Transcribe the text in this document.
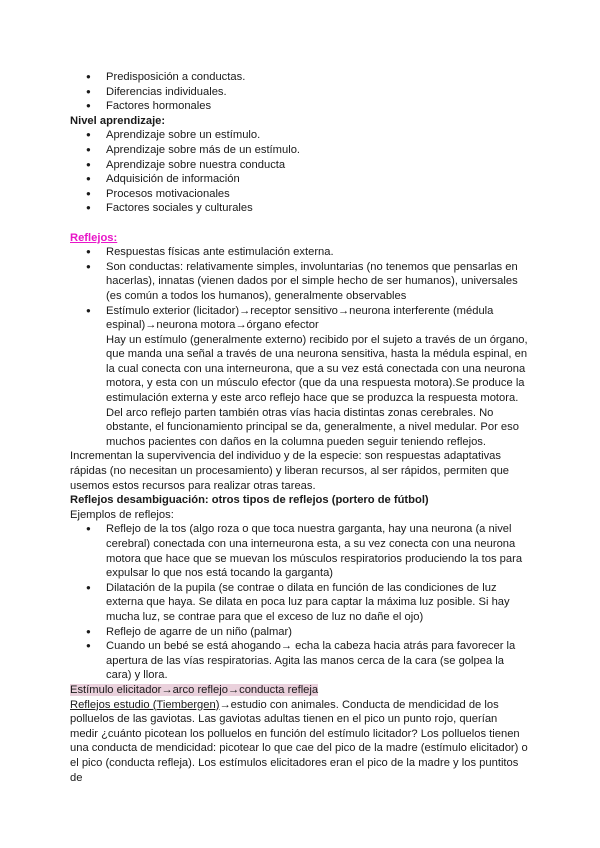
● Predisposición a conductas.
● Diferencias individuales.
● Factores hormonales
Nivel aprendizaje:
● Aprendizaje sobre un estímulo.
● Aprendizaje sobre más de un estímulo.
● Aprendizaje sobre nuestra conducta
● Adquisición de información
● Procesos motivacionales
● Factores sociales y culturales
Reflejos:
● Respuestas físicas ante estimulación externa.
● Son conductas: relativamente simples, involuntarias (no tenemos que pensarlas en hacerlas), innatas (vienen dados por el simple hecho de ser humanos), universales (es común a todos los humanos), generalmente observables
● Estímulo exterior (licitador)→receptor sensitivo→neurona interferente (médula espinal)→neurona motora→órgano efector
Hay un estímulo (generalmente externo) recibido por el sujeto a través de un órgano, que manda una señal a través de una neurona sensitiva, hasta la médula espinal, en la cual conecta con una interneurona, que a su vez está conectada con una neurona motora, y esta con un músculo efector (que da una respuesta motora).Se produce la estimulación externa y este arco reflejo hace que se produzca la respuesta motora. Del arco reflejo parten también otras vías hacia distintas zonas cerebrales. No obstante, el funcionamiento principal se da, generalmente, a nivel medular. Por eso muchos pacientes con daños en la columna pueden seguir teniendo reflejos.
Incrementan la supervivencia del individuo y de la especie: son respuestas adaptativas rápidas (no necesitan un procesamiento) y liberan recursos, al ser rápidos, permiten que usemos estos recursos para realizar otras tareas.
Reflejos desambiguación: otros tipos de reflejos (portero de fútbol)
Ejemplos de reflejos:
● Reflejo de la tos (algo roza o que toca nuestra garganta, hay una neurona (a nivel cerebral) conectada con una interneurona esta, a su vez conecta con una neurona motora que hace que se muevan los músculos respiratorios produciendo la tos para expulsar lo que nos está tocando la garganta)
● Dilatación de la pupila (se contrae o dilata en función de las condiciones de luz externa que haya. Se dilata en poca luz para captar la máxima luz posible. Si hay mucha luz, se contrae para que el exceso de luz no dañe el ojo)
● Reflejo de agarre de un niño (palmar)
● Cuando un bebé se está ahogando→ echa la cabeza hacia atrás para favorecer la apertura de las vías respiratorias. Agita las manos cerca de la cara (se golpea la cara) y llora.
Estímulo elicitador→arco reflejo→conducta refleja
Reflejos estudio (Tiembergen)→estudio con animales. Conducta de mendicidad de los polluelos de las gaviotas. Las gaviotas adultas tienen en el pico un punto rojo, querían medir ¿cuánto picotean los polluelos en función del estímulo licitador? Los polluelos tienen una conducta de mendicidad: picotear lo que cae del pico de la madre (estímulo elicitador) o el pico (conducta refleja). Los estímulos elicitadores eran el pico de la madre y los puntitos de
